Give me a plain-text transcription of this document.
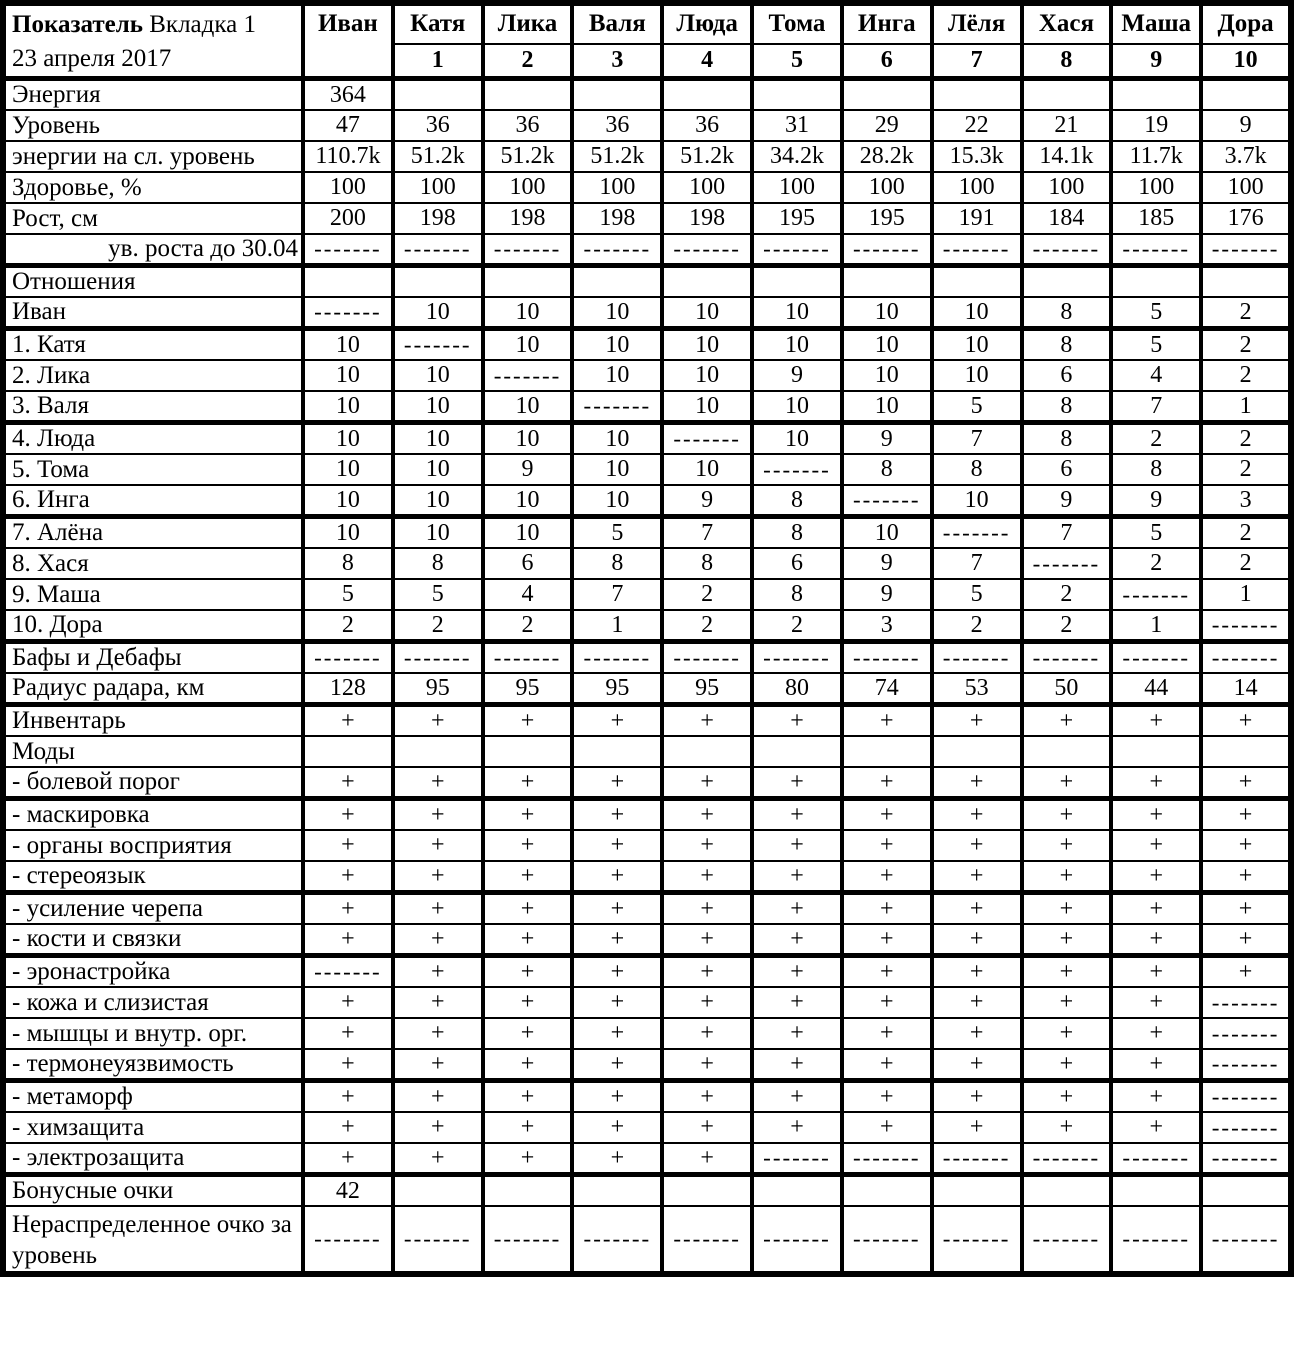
Показатель Вкладка 1
23 апреля 2017	Иван	Катя	Лика	Валя	Люда	Тома	Инга	Лёля	Хася	Маша	Дора
		1	2	3	4	5	6	7	8	9	10
Энергия	364										
Уровень	47	36	36	36	36	31	29	22	21	19	9
энергии на сл. уровень	110.7k	51.2k	51.2k	51.2k	51.2k	34.2k	28.2k	15.3k	14.1k	11.7k	3.7k
Здоровье, %	100	100	100	100	100	100	100	100	100	100	100
Рост, см	200	198	198	198	198	195	195	191	184	185	176
ув. роста до 30.04	-------	-------	-------	-------	-------	-------	-------	-------	-------	-------	-------
Отношения											
Иван	-------	10	10	10	10	10	10	10	8	5	2
1. Катя	10	-------	10	10	10	10	10	10	8	5	2
2. Лика	10	10	-------	10	10	9	10	10	6	4	2
3. Валя	10	10	10	-------	10	10	10	5	8	7	1
4. Люда	10	10	10	10	-------	10	9	7	8	2	2
5. Тома	10	10	9	10	10	-------	8	8	6	8	2
6. Инга	10	10	10	10	9	8	-------	10	9	9	3
7. Алёна	10	10	10	5	7	8	10	-------	7	5	2
8. Хася	8	8	6	8	8	6	9	7	-------	2	2
9. Маша	5	5	4	7	2	8	9	5	2	-------	1
10. Дора	2	2	2	1	2	2	3	2	2	1	-------
Бафы и Дебафы	-------	-------	-------	-------	-------	-------	-------	-------	-------	-------	-------
Радиус радара, км	128	95	95	95	95	80	74	53	50	44	14
Инвентарь	+	+	+	+	+	+	+	+	+	+	+
Моды											
- болевой порог	+	+	+	+	+	+	+	+	+	+	+
- маскировка	+	+	+	+	+	+	+	+	+	+	+
- органы восприятия	+	+	+	+	+	+	+	+	+	+	+
- стереоязык	+	+	+	+	+	+	+	+	+	+	+
- усиление черепа	+	+	+	+	+	+	+	+	+	+	+
- кости и связки	+	+	+	+	+	+	+	+	+	+	+
- эронастройка	-------	+	+	+	+	+	+	+	+	+	+
- кожа и слизистая	+	+	+	+	+	+	+	+	+	+	-------
- мышцы и внутр. орг.	+	+	+	+	+	+	+	+	+	+	-------
- термонеуязвимость	+	+	+	+	+	+	+	+	+	+	-------
- метаморф	+	+	+	+	+	+	+	+	+	+	-------
- химзащита	+	+	+	+	+	+	+	+	+	+	-------
- электрозащита	+	+	+	+	+	-------	-------	-------	-------	-------	-------
Бонусные очки	42										
Нераспределенное очко за уровень	-------	-------	-------	-------	-------	-------	-------	-------	-------	-------	-------
